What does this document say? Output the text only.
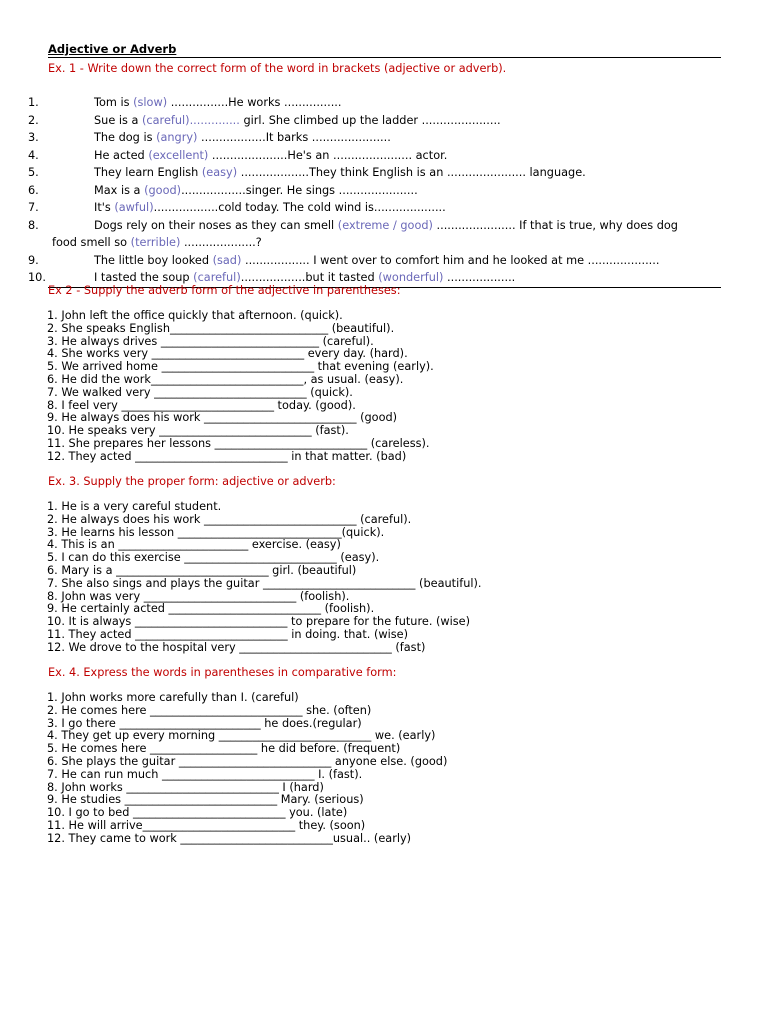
Adjective or Adverb
Ex. 1 - Write down the correct form of the word in brackets (adjective or adverb).
1.	Tom is (slow) ................He works ................
2.	Sue is a (careful).............. girl. She climbed up the ladder ......................
3.	The dog is (angry) ..................It barks ......................
4.	He acted (excellent) .....................He's an ...................... actor.
5.	They learn English (easy) ...................They think English is an ...................... language.
6.	Max is a (good)..................singer. He sings ......................
7.	It's (awful)..................cold today. The cold wind is....................
8.	Dogs rely on their noses as they can smell (extreme / good) ...................... If that is true, why does dog
food smell so (terrible) ....................?
9.	The little boy looked (sad) .................. I went over to comfort him and he looked at me ....................
10.	I tasted the soup (careful)..................but it tasted (wonderful) ...................
Ex 2 - Supply the adverb form of the adjective in parentheses:
1. John left the office quickly that afternoon. (quick).
2. She speaks English____________________________ (beautiful).
3. He always drives ____________________________ (careful).
4. She works very ___________________________ every day. (hard).
5. We arrived home ___________________________ that evening (early).
6. He did the work___________________________, as usual. (easy).
7. We walked very ___________________________ (quick).
8. I feel very ___________________________ today. (good).
9. He always does his work ___________________________ (good)
10. He speaks very ___________________________ (fast).
11. She prepares her lessons ___________________________ (careless).
12. They acted ___________________________ in that matter. (bad)
Ex. 3. Supply the proper form: adjective or adverb:
1. He is a very careful student.
2. He always does his work ___________________________ (careful).
3. He learns his lesson _____________________________(quick).
4. This is an _______________________ exercise. (easy)
5. I can do this exercise ___________________________ (easy).
6. Mary is a ___________________________ girl. (beautiful)
7. She also sings and plays the guitar ___________________________ (beautiful).
8. John was very ___________________________ (foolish).
9. He certainly acted ___________________________ (foolish).
10. It is always ___________________________ to prepare for the future. (wise)
11. They acted ___________________________ in doing. that. (wise)
12. We drove to the hospital very ___________________________ (fast)
Ex. 4. Express the words in parentheses in comparative form:
1. John works more carefully than I. (careful)
2. He comes here ___________________________ she. (often)
3. I go there _________________________ he does.(regular)
4. They get up every morning ___________________________ we. (early)
5. He comes here ___________________ he did before. (frequent)
6. She plays the guitar ___________________________ anyone else. (good)
7. He can run much ___________________________ I. (fast).
8. John works ___________________________ I (hard)
9. He studies ___________________________ Mary. (serious)
10. I go to bed ___________________________ you. (late)
11. He will arrive___________________________ they. (soon)
12. They came to work ___________________________usual.. (early)
